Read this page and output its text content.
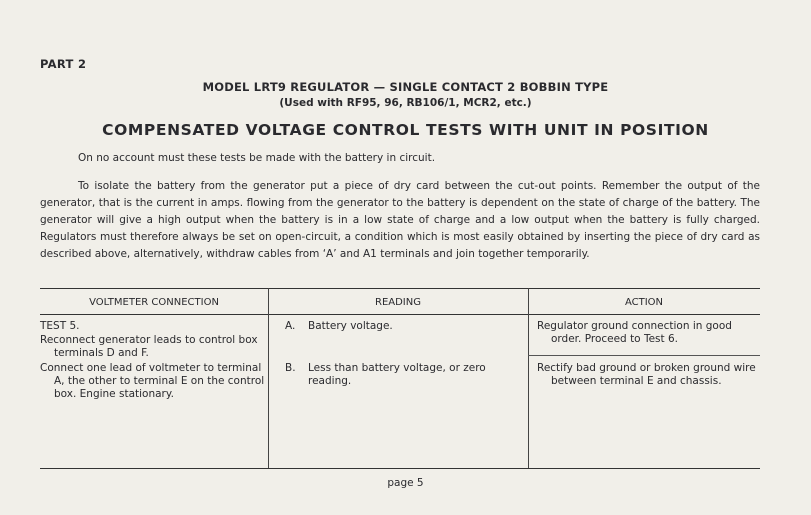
PART 2
MODEL LRT9 REGULATOR — SINGLE CONTACT 2 BOBBIN TYPE
(Used with RF95, 96, RB106/1, MCR2, etc.)
COMPENSATED VOLTAGE CONTROL TESTS WITH UNIT IN POSITION
On no account must these tests be made with the battery in circuit.
To isolate the battery from the generator put a piece of dry card between the cut-out points. Remember the output of the generator, that is the current in amps. flowing from the generator to the battery is dependent on the state of charge of the battery. The generator will give a high output when the battery is in a low state of charge and a low output when the battery is fully charged. Regulators must therefore always be set on open-circuit, a condition which is most easily obtained by inserting the piece of dry card as described above, alternatively, withdraw cables from ‘A’ and A1 terminals and join together temporarily.
VOLTMETER CONNECTION	READING	ACTION
TEST 5.
Reconnect generator leads to control box terminals D and F.
Connect one lead of voltmeter to terminal A, the other to terminal E on the control box. Engine stationary.
A. Battery voltage.
B. Less than battery voltage, or zero reading.
Regulator ground connection in good order. Proceed to Test 6.
Rectify bad ground or broken ground wire between terminal E and chassis.
page 5
